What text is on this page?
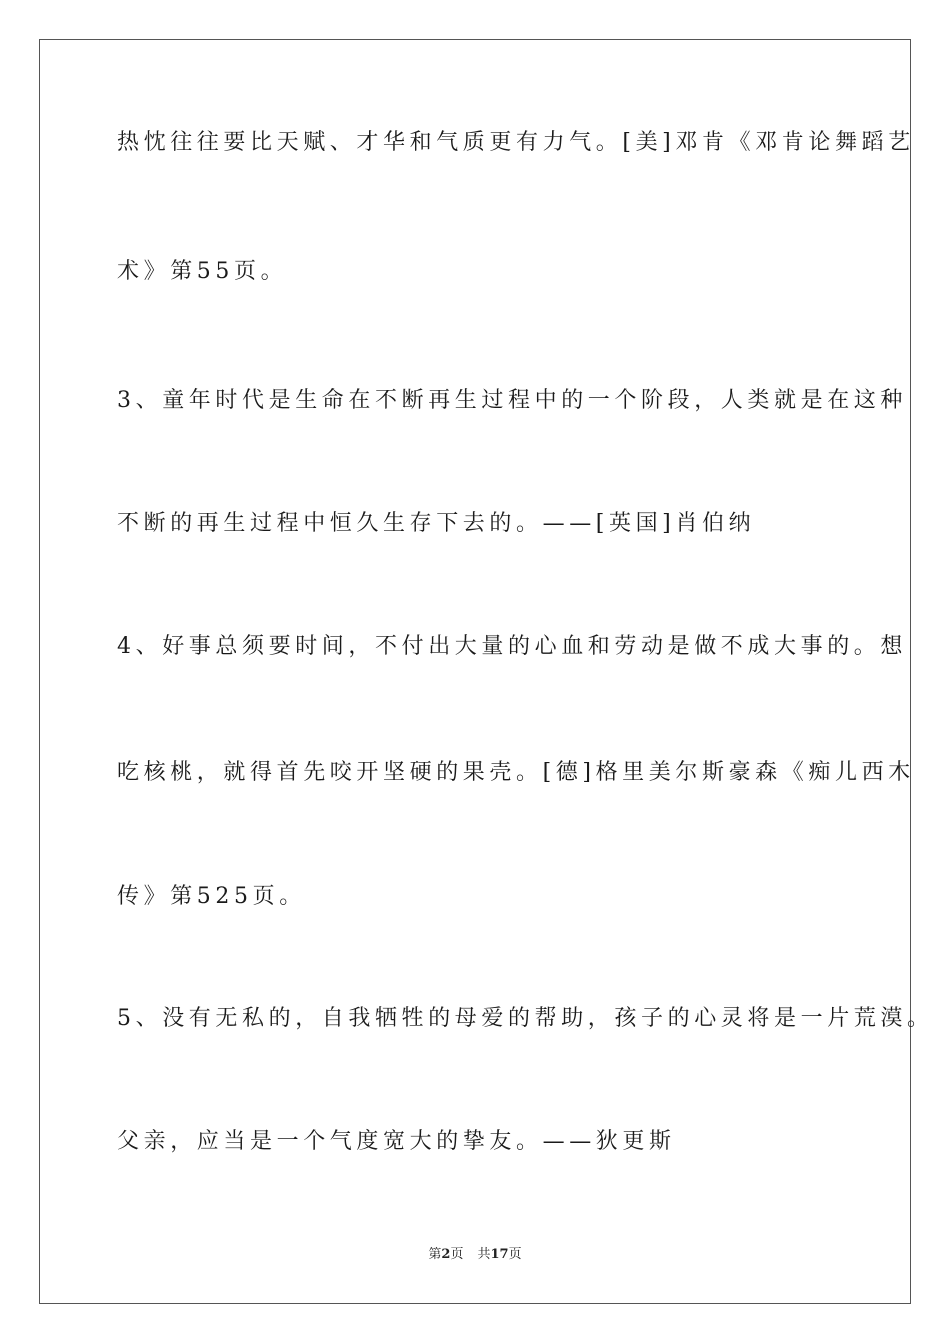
热忱往往要比天赋、才华和气质更有力气。[美]邓肯《邓肯论舞蹈艺
术》第55页。
3、童年时代是生命在不断再生过程中的一个阶段，人类就是在这种
不断的再生过程中恒久生存下去的。——[英国]肖伯纳
4、好事总须要时间，不付出大量的心血和劳动是做不成大事的。想
吃核桃，就得首先咬开坚硬的果壳。[德]格里美尔斯豪森《痴儿西木
传》第525页。
5、没有无私的，自我牺牲的母爱的帮助，孩子的心灵将是一片荒漠。
父亲，应当是一个气度宽大的挚友。——狄更斯
第2页 共17页
